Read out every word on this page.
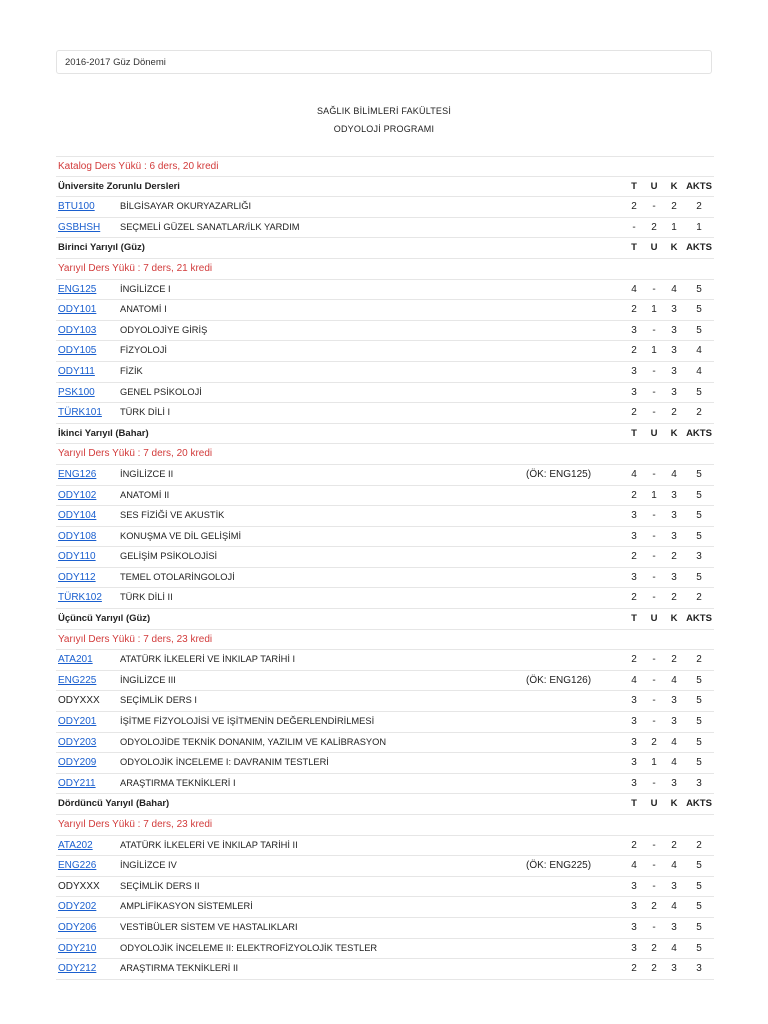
2016-2017 Güz Dönemi
SAĞLIK BİLİMLERİ FAKÜLTESİ
ODYOLOJİ PROGRAMI
Katalog Ders Yükü : 6 ders, 20 kredi
Üniversite Zorunlu Dersleri	T U K AKTS
BTU100	BİLGİSAYAR OKURYAZARLIĞI	2	-	2	2
GSBHSH SEÇMELİ GÜZEL SANATLAR/İLK YARDIM	-	2 1	1
Birinci Yarıyıl (Güz)	T U K AKTS
Yarıyıl Ders Yükü : 7 ders, 21 kredi
ENG125	İNGİLİZCE I	4	-	4	5
ODY101	ANATOMİ I	2 1 3	5
ODY103	ODYOLOJİYE GİRİŞ	3	-	3	5
ODY105	FİZYOLOJİ	2 1 3	4
ODY111	FİZİK	3	-	3	4
PSK100	GENEL PSİKOLOJİ	3	-	3	5
TÜRK101 TÜRK DİLİ I	2	-	2	2
İkinci Yarıyıl (Bahar)	T U K AKTS
Yarıyıl Ders Yükü : 7 ders, 20 kredi
ENG126	İNGİLİZCE II	(ÖK: ENG125)	4	-	4	5
ODY102	ANATOMİ II	2 1 3	5
ODY104	SES FİZİĞİ VE AKUSTİK	3	-	3	5
ODY108	KONUŞMA VE DİL GELİŞİMİ	3	-	3	5
ODY110	GELİŞİM PSİKOLOJİSİ	2	-	2	3
ODY112	TEMEL OTOLARİNGOLOJİ	3	-	3	5
TÜRK102 TÜRK DİLİ II	2	-	2	2
Üçüncü Yarıyıl (Güz)	T U K AKTS
Yarıyıl Ders Yükü : 7 ders, 23 kredi
ATA201	ATATÜRK İLKELERİ VE İNKILAP TARİHİ I	2	-	2	2
ENG225	İNGİLİZCE III	(ÖK: ENG126)	4	-	4	5
ODYXXX SEÇİMLİK DERS I	3	-	3	5
ODY201	İŞİTME FİZYOLOJİSİ VE İŞİTMENİN DEĞERLENDİRİLMESİ	3	-	3	5
ODY203	ODYOLOJİDE TEKNİK DONANIM, YAZILIM VE KALİBRASYON	3 2 4	5
ODY209	ODYOLOJİK İNCELEME I: DAVRANIM TESTLERİ	3 1 4	5
ODY211	ARAŞTIRMA TEKNİKLERİ I	3	-	3	3
Dördüncü Yarıyıl (Bahar)	T U K AKTS
Yarıyıl Ders Yükü : 7 ders, 23 kredi
ATA202	ATATÜRK İLKELERİ VE İNKILAP TARİHİ II	2	-	2	2
ENG226	İNGİLİZCE IV	(ÖK: ENG225)	4	-	4	5
ODYXXX SEÇİMLİK DERS II	3	-	3	5
ODY202	AMPLİFİKASYON SİSTEMLERİ	3 2 4	5
ODY206	VESTİBÜLER SİSTEM VE HASTALIKLARI	3	-	3	5
ODY210	ODYOLOJİK İNCELEME II: ELEKTROFİZYOLOJİK TESTLER	3 2 4	5
ODY212	ARAŞTIRMA TEKNİKLERİ II	2 2 3	3
